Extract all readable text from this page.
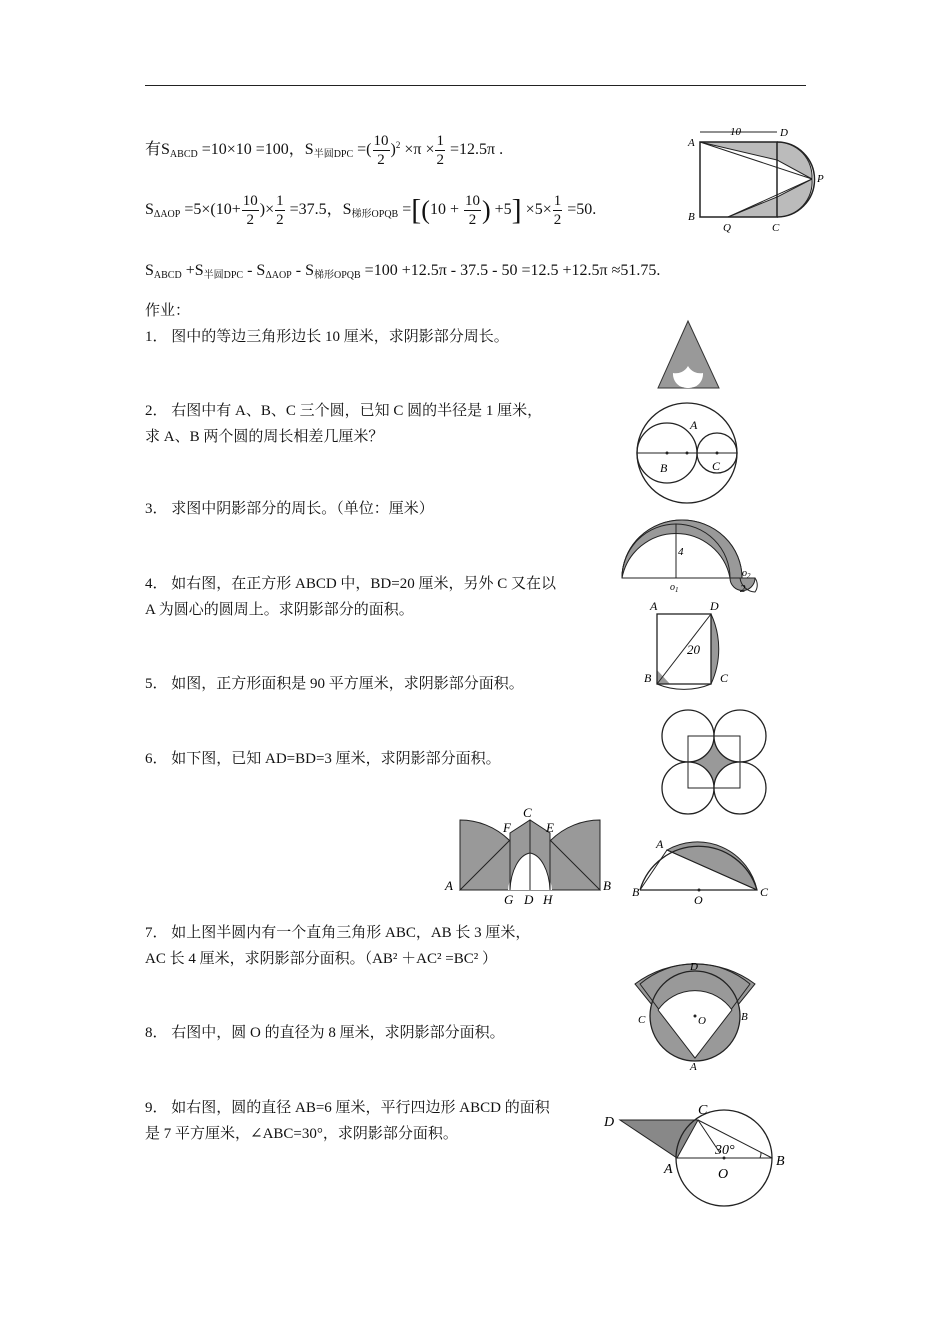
有$S_{ABCD} =10\times 10 =100$，$S_{半圆DPC}$ =( $\frac{10}{2} )^2 \times\pi \times \frac{1}{2} =12.5\pi$ .
$S_{\Delta AOP} =5\times(10+ \frac{10}{2}$ )× $\frac{1}{2} =37.5$，$S_{梯形OPQB} =[(10 + \frac{10}{2}$ ) $+5] \times 5\times \frac{1}{2} =50$.
$S_{ABCD} +S_{半圆DPC} - S_{\Delta AOP} - S_{梯形OPQB} =100 +12.5\pi - 37.5 - 50 =12.5 +12.5\pi \approx 51.75$.
作业：
1． 图中的等边三角形边长 10 厘米，求阴影部分周长。
2． 右图中有 A、B、C 三个圆，已知 C 圆的半径是 1 厘米，
求 A、B 两个圆的周长相差几厘米？
3． 求图中阴影部分的周长。（单位：厘米）
4． 如右图，在正方形 ABCD 中，BD=20 厘米，另外 C 又在以
A 为圆心的圆周上。求阴影部分的面积。
5． 如图，正方形面积是 90 平方厘米，求阴影部分面积。
6． 如下图，已知 AD=BD=3 厘米，求阴影部分面积。
7． 如上图半圆内有一个直角三角形 ABC，AB 长 3 厘米，
AC 长 4 厘米，求阴影部分面积。（AB² ＋AC² =BC² ）
8． 右图中，圆 O 的直径为 8 厘米，求阴影部分面积。
9． 如右图，圆的直径 AB=6 厘米，平行四边形 ABCD 的面积
是 7 平方厘米，∠ABC=30°，求阴影部分面积。
10
A
D
P
B
Q	C
A
B	C
4
$o_1$
$o_2$
2
A	D
B	C
20
C
F	E
A
G D H
B
A
B
O
C
D
C	O	B
A
D
C
30°
A	O
B
